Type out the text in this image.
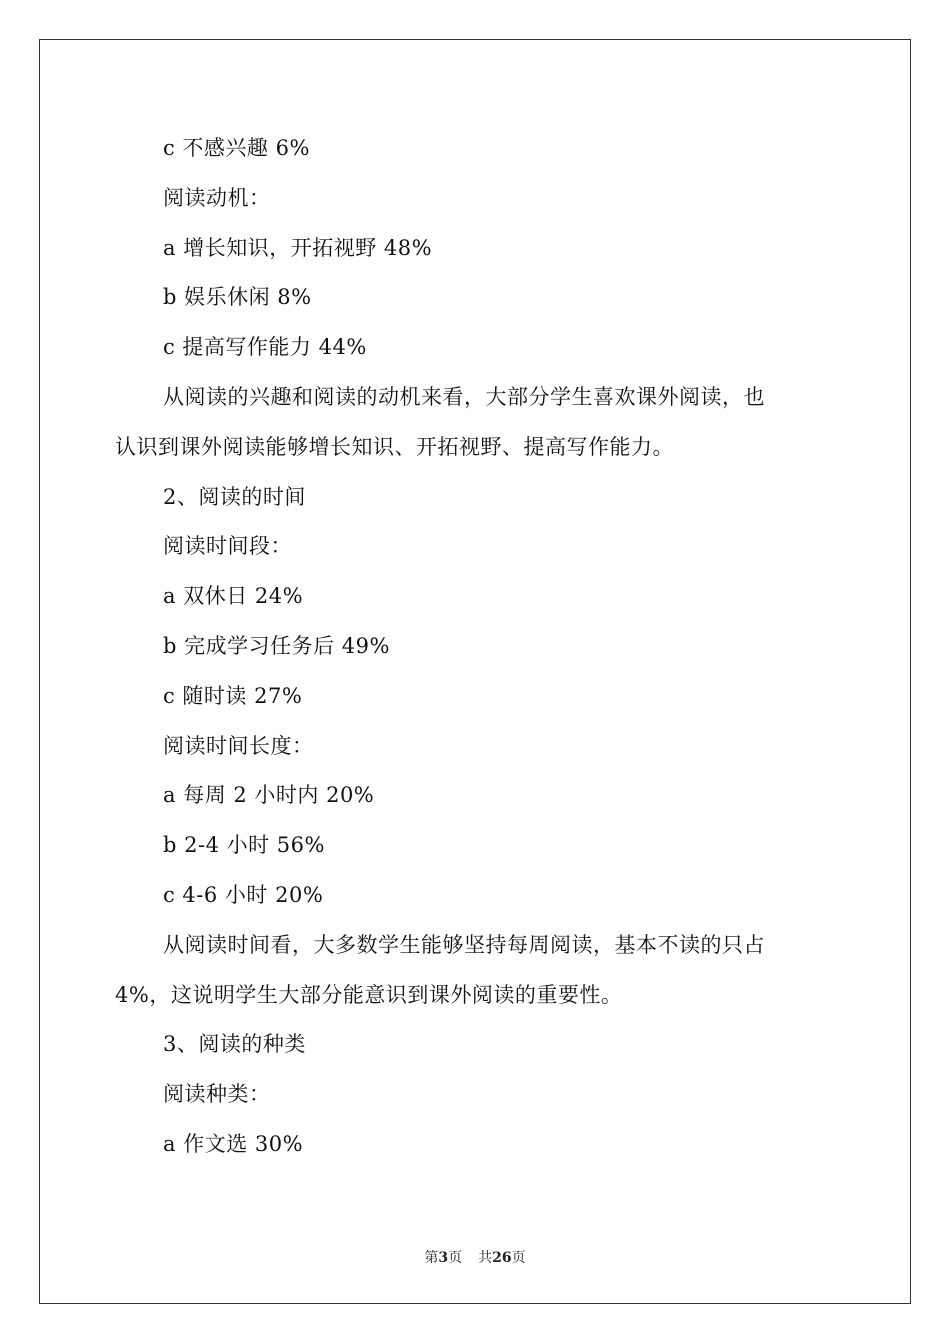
c 不感兴趣 6%
阅读动机：
a 增长知识，开拓视野 48%
b 娱乐休闲 8%
c 提高写作能力 44%
从阅读的兴趣和阅读的动机来看，大部分学生喜欢课外阅读，也
认识到课外阅读能够增长知识、开拓视野、提高写作能力。
2、阅读的时间
阅读时间段：
a 双休日 24%
b 完成学习任务后 49%
c 随时读 27%
阅读时间长度：
a 每周 2 小时内 20%
b 2-4 小时 56%
c 4-6 小时 20%
从阅读时间看，大多数学生能够坚持每周阅读，基本不读的只占
4%，这说明学生大部分能意识到课外阅读的重要性。
3、阅读的种类
阅读种类：
a 作文选 30%
第3页 共26页
